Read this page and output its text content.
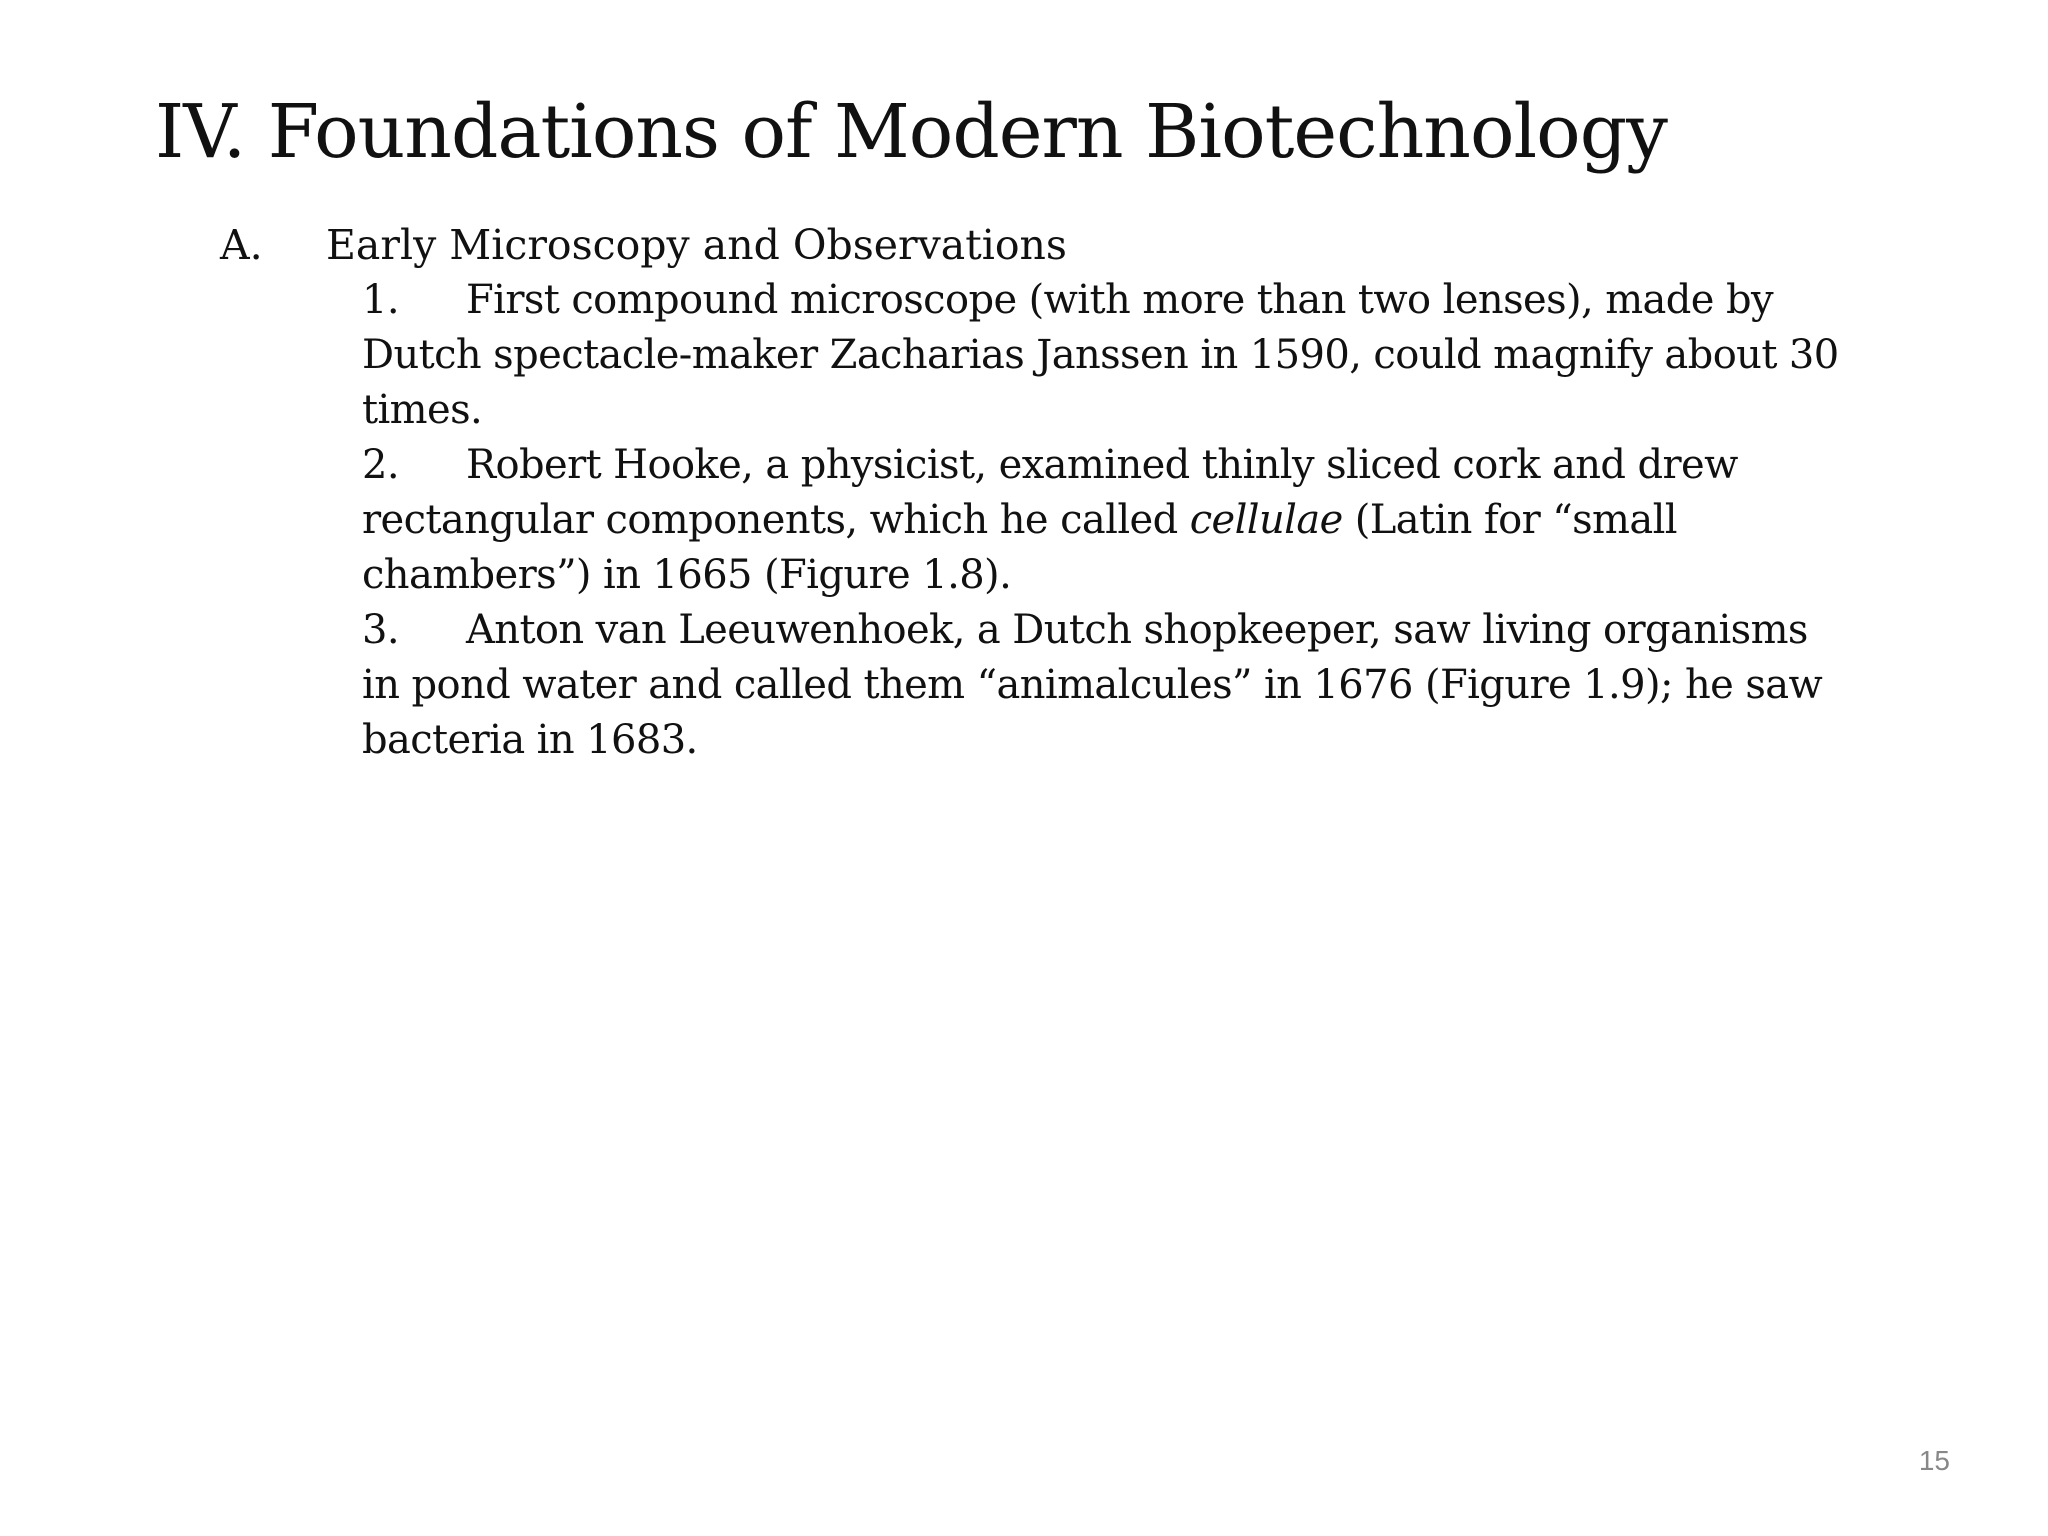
IV. Foundations of Modern Biotechnology
A. Early Microscopy and Observations
1. First compound microscope (with more than two lenses), made by Dutch spectacle-maker Zacharias Janssen in 1590, could magnify about 30 times.
2. Robert Hooke, a physicist, examined thinly sliced cork and drew rectangular components, which he called cellulae (Latin for “small chambers”) in 1665 (Figure 1.8).
3. Anton van Leeuwenhoek, a Dutch shopkeeper, saw living organisms in pond water and called them “animalcules” in 1676 (Figure 1.9); he saw bacteria in 1683.
15
